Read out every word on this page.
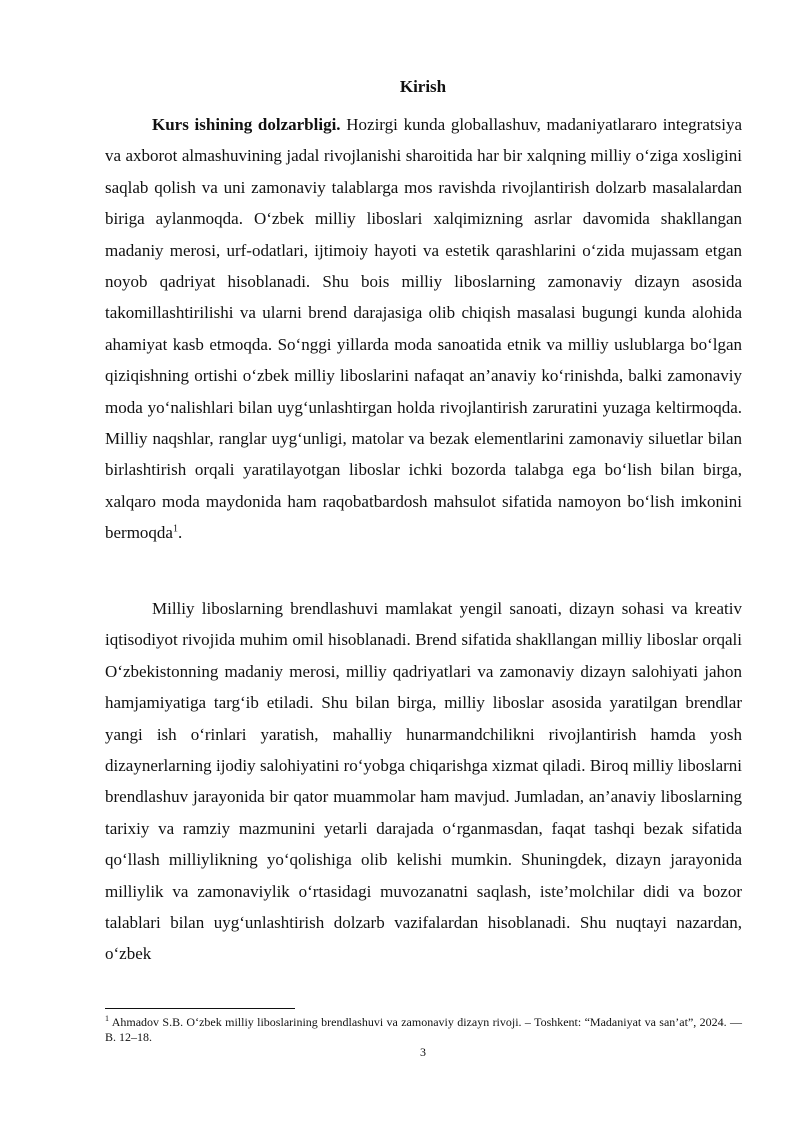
Kirish

Kurs ishining dolzarbligi. Hozirgi kunda globallashuv, madaniyatlararo integratsiya va axborot almashuvining jadal rivojlanishi sharoitida har bir xalqning milliy o‘ziga xosligini saqlab qolish va uni zamonaviy talablarga mos ravishda rivojlantirish dolzarb masalalardan biriga aylanmoqda. O‘zbek milliy liboslari xalqimizning asrlar davomida shakllangan madaniy merosi, urf-odatlari, ijtimoiy hayoti va estetik qarashlarini o‘zida mujassam etgan noyob qadriyat hisoblanadi. Shu bois milliy liboslarning zamonaviy dizayn asosida takomillashtirilishi va ularni brend darajasiga olib chiqish masalasi bugungi kunda alohida ahamiyat kasb etmoqda. So‘nggi yillarda moda sanoatida etnik va milliy uslublarga bo‘lgan qiziqishning ortishi o‘zbek milliy liboslarini nafaqat an’anaviy ko‘rinishda, balki zamonaviy moda yo‘nalishlari bilan uyg‘unlashtirgan holda rivojlantirish zaruratini yuzaga keltirmoqda. Milliy naqshlar, ranglar uyg‘unligi, matolar va bezak elementlarini zamonaviy siluetlar bilan birlashtirish orqali yaratilayotgan liboslar ichki bozorda talabga ega bo‘lish bilan birga, xalqaro moda maydonida ham raqobatbardosh mahsulot sifatida namoyon bo‘lish imkonini bermoqda$^1$.

Milliy liboslarning brendlashuvi mamlakat yengil sanoati, dizayn sohasi va kreativ iqtisodiyot rivojida muhim omil hisoblanadi. Brend sifatida shakllangan milliy liboslar orqali O‘zbekistonning madaniy merosi, milliy qadriyatlari va zamonaviy dizayn salohiyati jahon hamjamiyatiga targ‘ib etiladi. Shu bilan birga, milliy liboslar asosida yaratilgan brendlar yangi ish o‘rinlari yaratish, mahalliy hunarmandchilikni rivojlantirish hamda yosh dizaynerlarning ijodiy salohiyatini ro‘yobga chiqarishga xizmat qiladi. Biroq milliy liboslarni brendlashuv jarayonida bir qator muammolar ham mavjud. Jumladan, an’anaviy liboslarning tarixiy va ramziy mazmunini yetarli darajada o‘rganmasdan, faqat tashqi bezak sifatida qo‘llash milliylikning yo‘qolishiga olib kelishi mumkin. Shuningdek, dizayn jarayonida milliylik va zamonaviylik o‘rtasidagi muvozanatni saqlash, iste’molchilar didi va bozor talablari bilan uyg‘unlashtirish dolzarb vazifalardan hisoblanadi. Shu nuqtayi nazardan, o‘zbek

$^1$ Ahmadov S.B. O‘zbek milliy liboslarining brendlashuvi va zamonaviy dizayn rivoji. – Toshkent: “Madaniyat va san’at”, 2024. — B. 12–18.

3
